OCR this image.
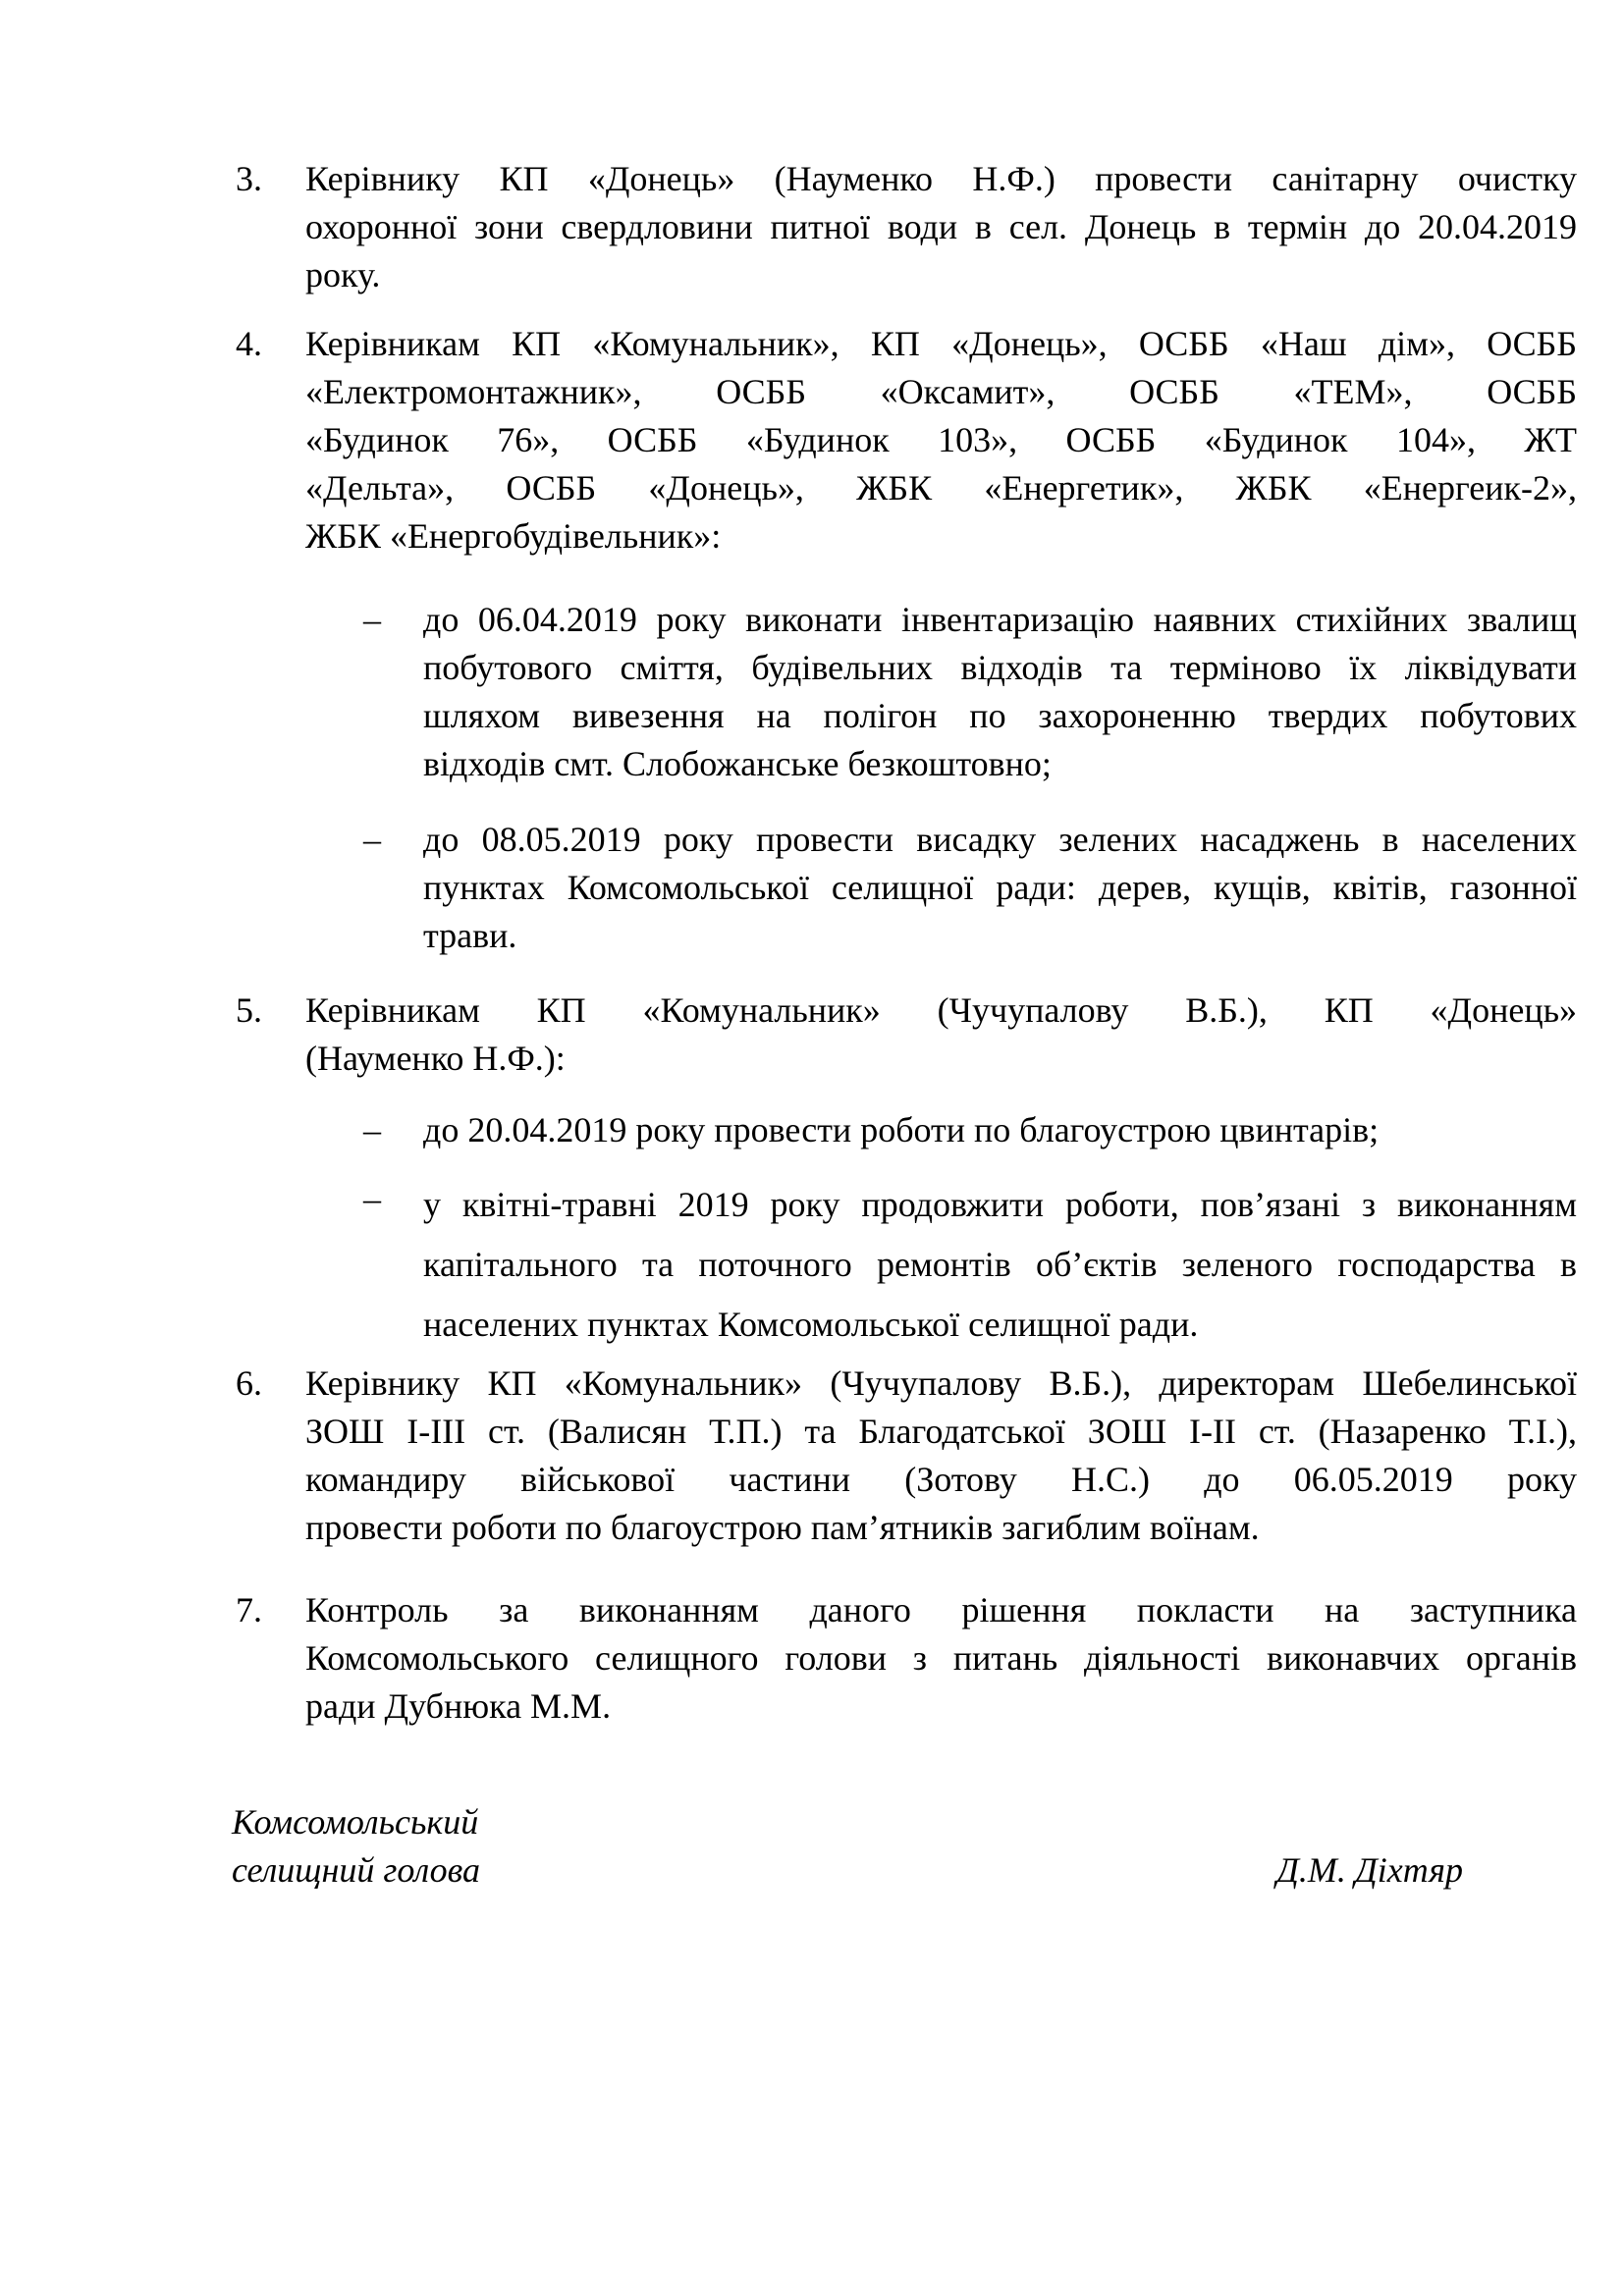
3. Керівнику КП «Донець» (Науменко Н.Ф.) провести санітарну очистку
охоронної зони свердловини питної води в сел. Донець в термін до 20.04.2019
року.
4. Керівникам КП «Комунальник», КП «Донець», ОСББ «Наш дім», ОСББ
«Електромонтажник», ОСББ «Оксамит», ОСББ «ТЕМ», ОСББ
«Будинок 76», ОСББ «Будинок 103», ОСББ «Будинок 104», ЖТ
«Дельта», ОСББ «Донець», ЖБК «Енергетик», ЖБК «Енергеик-2»,
ЖБК «Енергобудівельник»:
– до 06.04.2019 року виконати інвентаризацію наявних стихійних звалищ
побутового сміття, будівельних відходів та терміново їх ліквідувати
шляхом вивезення на полігон по захороненню твердих побутових
відходів смт. Слобожанське безкоштовно;
– до 08.05.2019 року провести висадку зелених насаджень в населених
пунктах Комсомольської селищної ради: дерев, кущів, квітів, газонної
трави.
5. Керівникам КП «Комунальник» (Чучупалову В.Б.), КП «Донець»
(Науменко Н.Ф.):
– до 20.04.2019 року провести роботи по благоустрою цвинтарів;
– у квітні-травні 2019 року продовжити роботи, пов’язані з виконанням
капітального та поточного ремонтів об’єктів зеленого господарства в
населених пунктах Комсомольської селищної ради.
6. Керівнику КП «Комунальник» (Чучупалову В.Б.), директорам Шебелинської
ЗОШ І-ІІІ ст. (Валисян Т.П.) та Благодатської ЗОШ І-ІІ ст. (Назаренко Т.І.),
командиру військової частини (Зотову Н.С.) до 06.05.2019 року
провести роботи по благоустрою пам’ятників загиблим воїнам.
7. Контроль за виконанням даного рішення покласти на заступника
Комсомольського селищного голови з питань діяльності виконавчих органів
ради Дубнюка М.М.
Комсомольський
селищний голова	Д.М. Діхтяр
